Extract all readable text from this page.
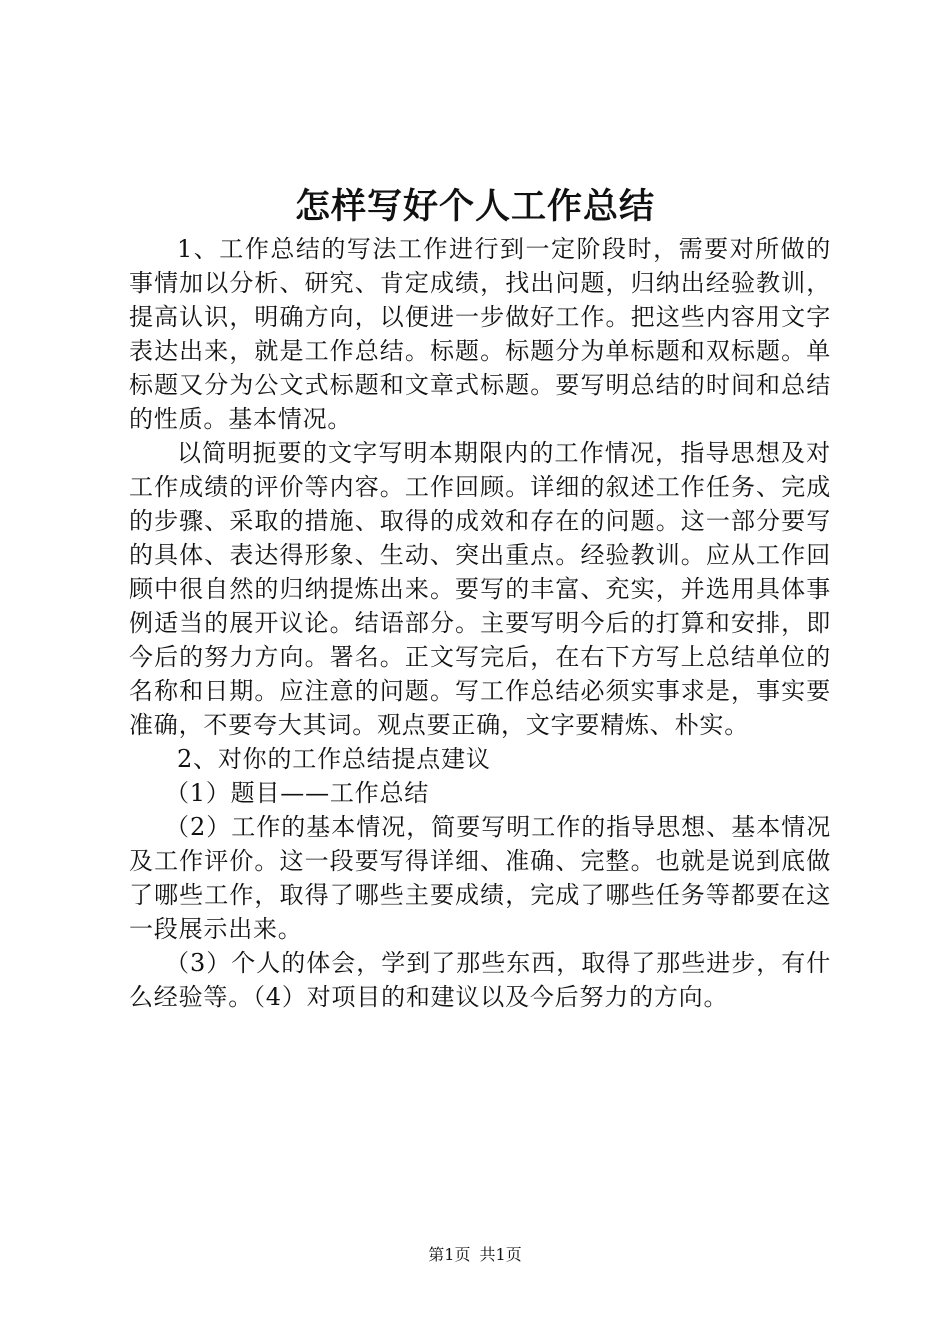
怎样写好个人工作总结

1、工作总结的写法工作进行到一定阶段时，需要对所做的事情加以分析、研究、肯定成绩，找出问题，归纳出经验教训，提高认识，明确方向，以便进一步做好工作。把这些内容用文字表达出来，就是工作总结。标题。标题分为单标题和双标题。单标题又分为公文式标题和文章式标题。要写明总结的时间和总结的性质。基本情况。

以简明扼要的文字写明本期限内的工作情况，指导思想及对工作成绩的评价等内容。工作回顾。详细的叙述工作任务、完成的步骤、采取的措施、取得的成效和存在的问题。这一部分要写的具体、表达得形象、生动、突出重点。经验教训。应从工作回顾中很自然的归纳提炼出来。要写的丰富、充实，并选用具体事例适当的展开议论。结语部分。主要写明今后的打算和安排，即今后的努力方向。署名。正文写完后，在右下方写上总结单位的名称和日期。应注意的问题。写工作总结必须实事求是，事实要准确，不要夸大其词。观点要正确，文字要精炼、朴实。

2、对你的工作总结提点建议

（1）题目——工作总结

（2）工作的基本情况，简要写明工作的指导思想、基本情况及工作评价。这一段要写得详细、准确、完整。也就是说到底做了哪些工作，取得了哪些主要成绩，完成了哪些任务等都要在这一段展示出来。

（3）个人的体会，学到了那些东西，取得了那些进步，有什么经验等。（4）对项目的和建议以及今后努力的方向。

第1页 共1页
